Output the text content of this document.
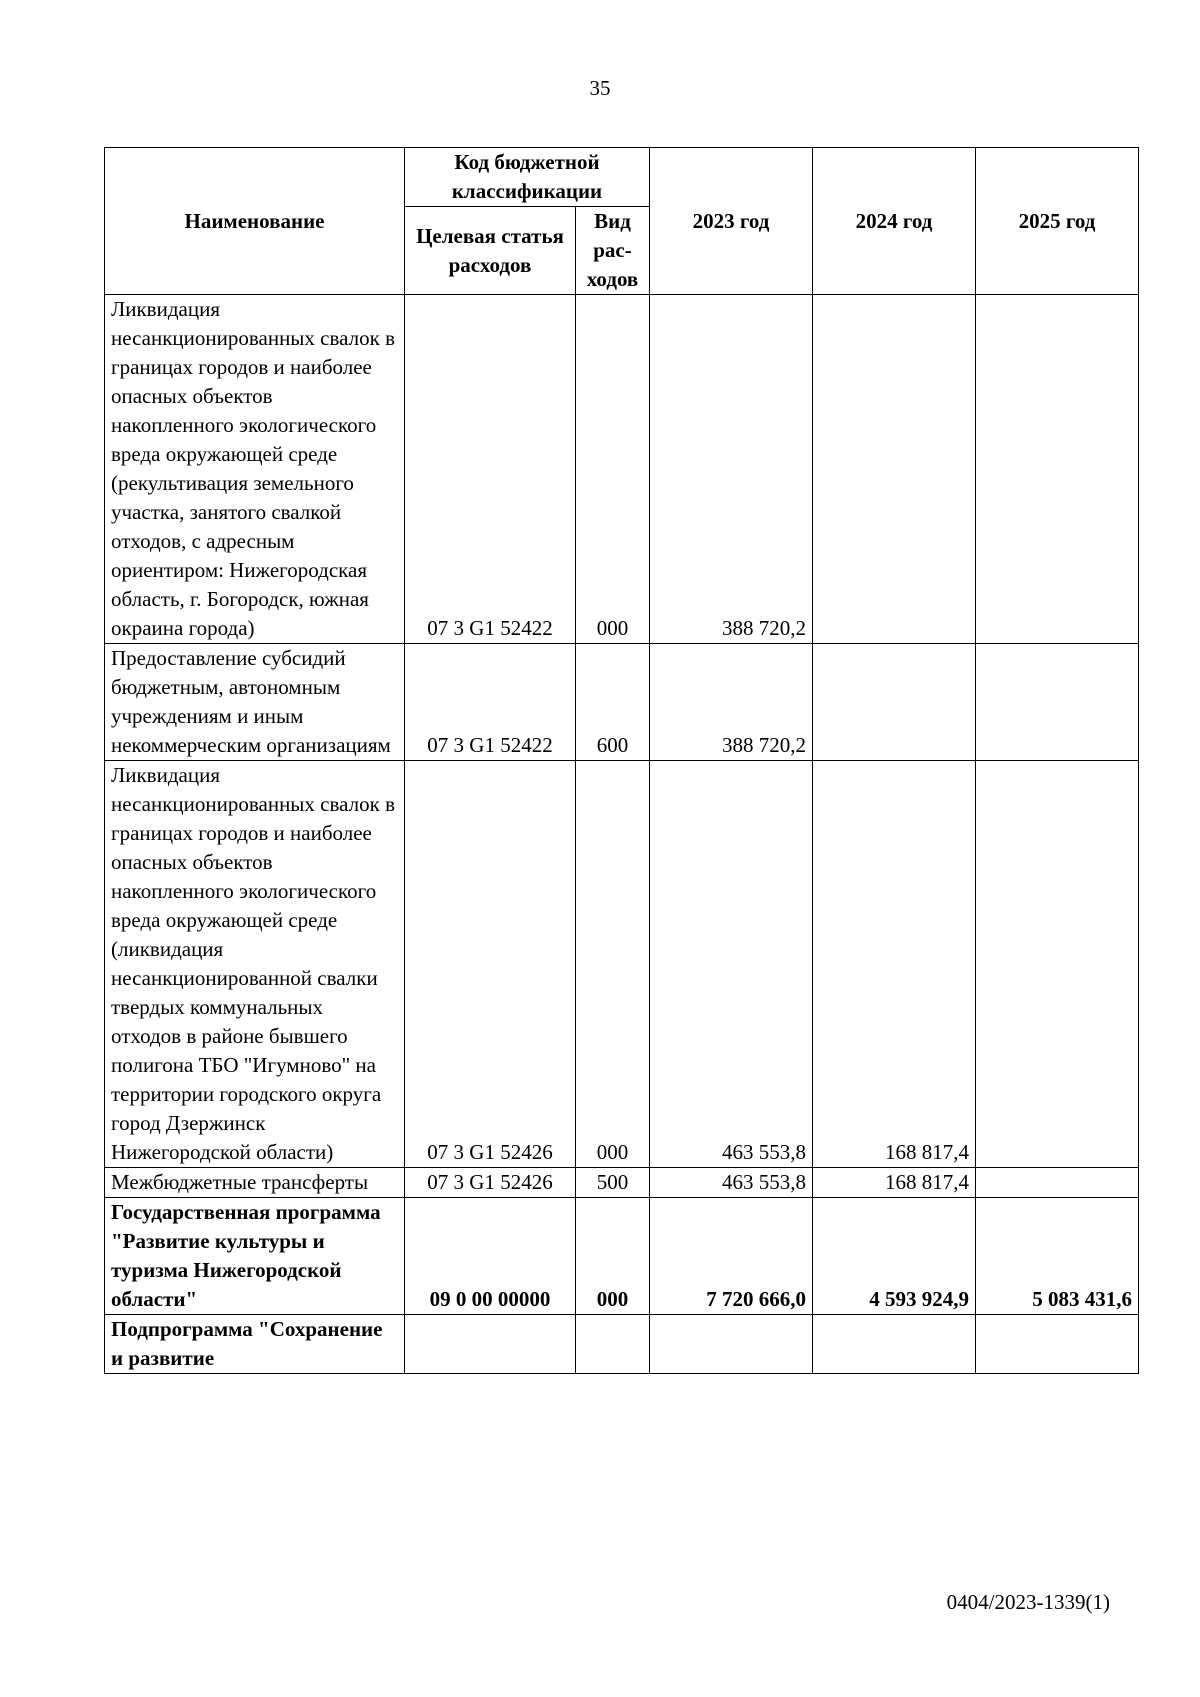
35
Наименование	Код бюджетной классификации		2023 год	2024 год	2025 год
	Целевая статья расходов	Вид рас-ходов			
Ликвидация несанкционированных свалок в границах городов и наиболее опасных объектов накопленного экологического вреда окружающей среде (рекультивация земельного участка, занятого свалкой отходов, с адресным ориентиром: Нижегородская область, г. Богородск, южная окраина города)	07 3 G1 52422	000	388 720,2		
Предоставление субсидий бюджетным, автономным учреждениям и иным некоммерческим организациям	07 3 G1 52422	600	388 720,2		
Ликвидация несанкционированных свалок в границах городов и наиболее опасных объектов накопленного экологического вреда окружающей среде (ликвидация несанкционированной свалки твердых коммунальных отходов в районе бывшего полигона ТБО "Игумново" на территории городского округа город Дзержинск Нижегородской области)	07 3 G1 52426	000	463 553,8	168 817,4	
Межбюджетные трансферты	07 3 G1 52426	500	463 553,8	168 817,4	
Государственная программа "Развитие культуры и туризма Нижегородской области"	09 0 00 00000	000	7 720 666,0	4 593 924,9	5 083 431,6
Подпрограмма "Сохранение и развитие					
0404/2023-1339(1)
